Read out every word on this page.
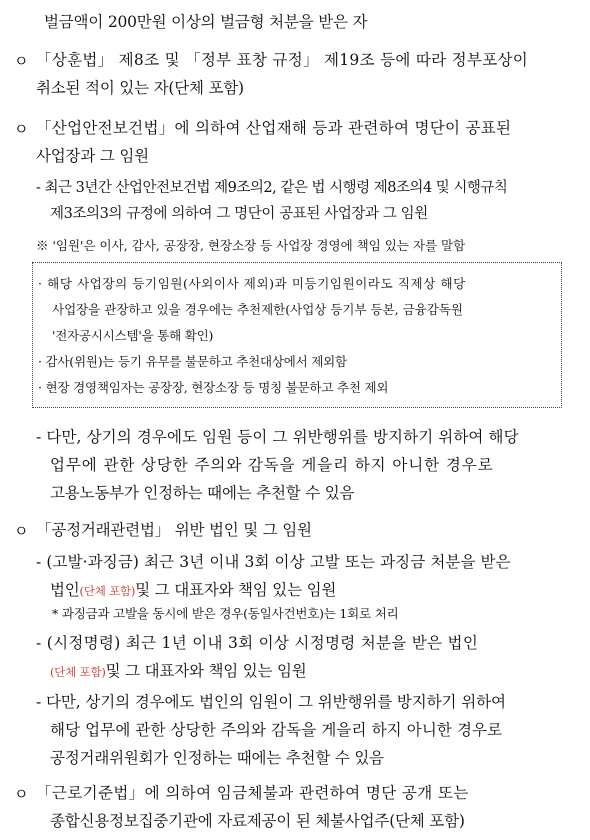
벌금액이 200만원 이상의 벌금형 처분을 받은 자
ㅇ 「상훈법」 제8조 및 「정부 표창 규정」 제19조 등에 따라 정부포상이
취소된 적이 있는 자(단체 포함)
ㅇ 「산업안전보건법」에 의하여 산업재해 등과 관련하여 명단이 공표된
사업장과 그 임원
- 최근 3년간 산업안전보건법 제9조의2, 같은 법 시행령 제8조의4 및 시행규칙
제3조의3의 규정에 의하여 그 명단이 공표된 사업장과 그 임원
※ '임원'은 이사, 감사, 공장장, 현장소장 등 사업장 경영에 책임 있는 자를 말함
· 해당 사업장의 등기임원(사외이사 제외)과 미등기임원이라도 직제상 해당
사업장을 관장하고 있을 경우에는 추천제한(사업상 등기부 등본, 금융감독원
'전자공시시스템'을 통해 확인)
· 감사(위원)는 등기 유무를 불문하고 추천대상에서 제외함
· 현장 경영책임자는 공장장, 현장소장 등 명칭 불문하고 추천 제외
- 다만, 상기의 경우에도 임원 등이 그 위반행위를 방지하기 위하여 해당
업무에 관한 상당한 주의와 감독을 게을리 하지 아니한 경우로
고용노동부가 인정하는 때에는 추천할 수 있음
ㅇ 「공정거래관련법」 위반 법인 및 그 임원
- (고발·과징금) 최근 3년 이내 3회 이상 고발 또는 과징금 처분을 받은
법인(단체 포함)및 그 대표자와 책임 있는 임원
* 과징금과 고발을 동시에 받은 경우(동일사건번호)는 1회로 처리
- (시정명령) 최근 1년 이내 3회 이상 시정명령 처분을 받은 법인
(단체 포함)및 그 대표자와 책임 있는 임원
- 다만, 상기의 경우에도 법인의 임원이 그 위반행위를 방지하기 위하여
해당 업무에 관한 상당한 주의와 감독을 게을리 하지 아니한 경우로
공정거래위원회가 인정하는 때에는 추천할 수 있음
ㅇ 「근로기준법」에 의하여 임금체불과 관련하여 명단 공개 또는
종합신용정보집중기관에 자료제공이 된 체불사업주(단체 포함)
